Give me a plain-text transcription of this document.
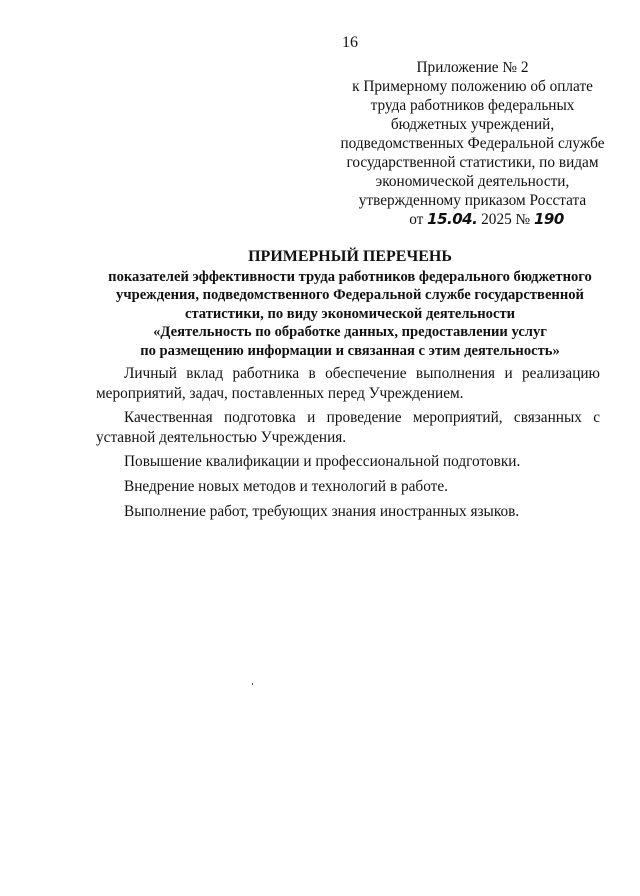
16
Приложение № 2
к Примерному положению об оплате
труда работников федеральных
бюджетных учреждений,
подведомственных Федеральной службе
государственной статистики, по видам
экономической деятельности,
утвержденному приказом Росстата
от 15.04. 2025 № 190
ПРИМЕРНЫЙ ПЕРЕЧЕНЬ
показателей эффективности труда работников федерального бюджетного
учреждения, подведомственного Федеральной службе государственной
статистики, по виду экономической деятельности
«Деятельность по обработке данных, предоставлении услуг
по размещению информации и связанная с этим деятельность»

Личный вклад работника в обеспечение выполнения и реализацию мероприятий, задач, поставленных перед Учреждением.

Качественная подготовка и проведение мероприятий, связанных с уставной деятельностью Учреждения.

Повышение квалификации и профессиональной подготовки.

Внедрение новых методов и технологий в работе.

Выполнение работ, требующих знания иностранных языков.
